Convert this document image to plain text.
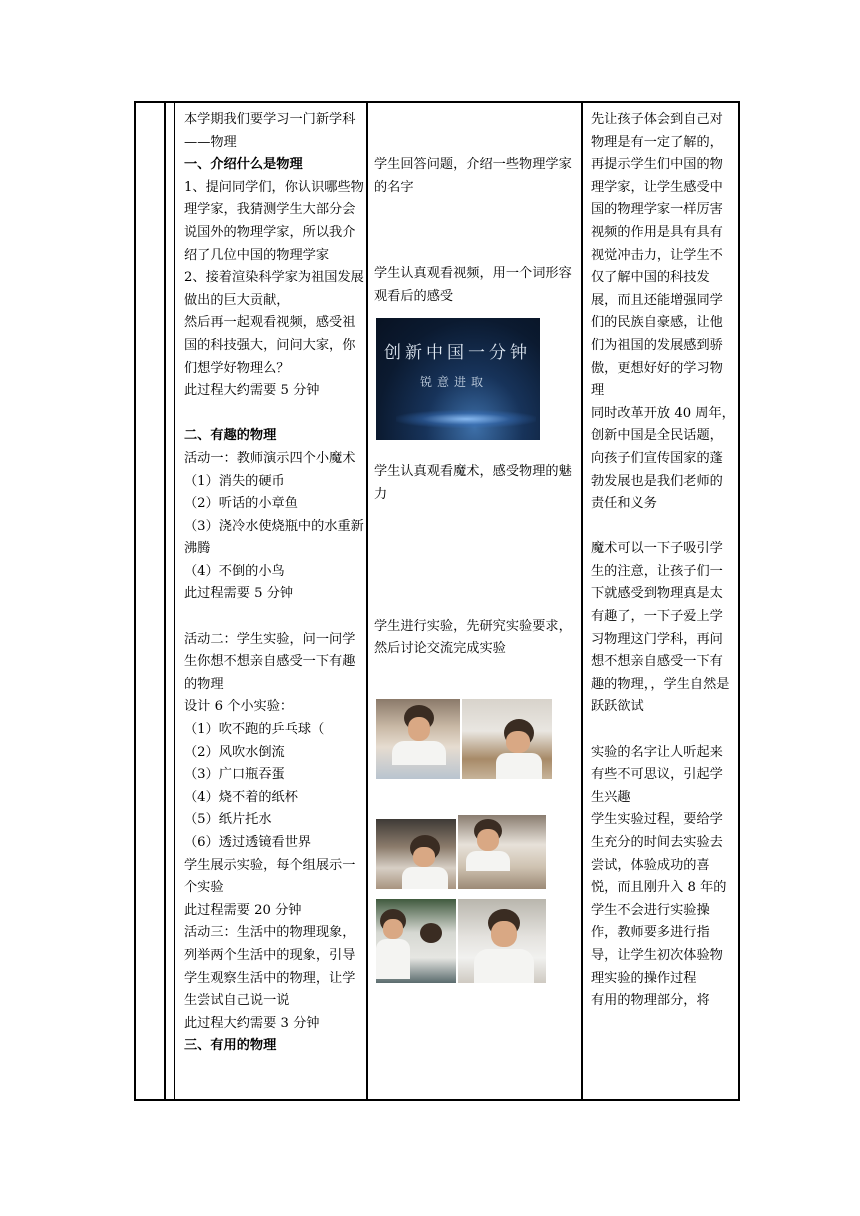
本学期我们要学习一门新学科——物理

一、介绍什么是物理

1、提问同学们，你认识哪些物理学家，我猜测学生大部分会说国外的物理学家，所以我介绍了几位中国的物理学家
2、接着渲染科学家为祖国发展做出的巨大贡献，
然后再一起观看视频，感受祖国的科技强大，问问大家，你们想学好物理么？
此过程大约需要 5 分钟

二、有趣的物理

活动一：教师演示四个小魔术（1）消失的硬币
（2）听话的小章鱼
（3）浇冷水使烧瓶中的水重新沸腾
（4）不倒的小鸟
此过程需要 5 分钟

活动二：学生实验，问一问学生你想不想亲自感受一下有趣的物理
设计 6 个小实验：
（1）吹不跑的乒乓球（
（2）风吹水倒流
（3）广口瓶吞蛋
（4）烧不着的纸杯
（5）纸片托水
（6）透过透镜看世界
学生展示实验，每个组展示一个实验
此过程需要 20 分钟
活动三：生活中的物理现象，列举两个生活中的现象，引导学生观察生活中的物理，让学生尝试自己说一说
此过程大约需要 3 分钟

三、有用的物理

学生回答问题，介绍一些物理学家的名字

学生认真观看视频，用一个词形容观看后的感受

学生认真观看魔术，感受物理的魅力

学生进行实验，先研究实验要求，然后讨论交流完成实验

创新中国一分钟
锐意进取

先让孩子体会到自己对物理是有一定了解的，再提示学生们中国的物理学家，让学生感受中国的物理学家一样厉害
视频的作用是具有具有视觉冲击力，让学生不仅了解中国的科技发展，而且还能增强同学们的民族自豪感，让他们为祖国的发展感到骄傲，更想好好的学习物理
同时改革开放 40 周年，创新中国是全民话题，向孩子们宣传国家的蓬勃发展也是我们老师的责任和义务

魔术可以一下子吸引学生的注意，让孩子们一下就感受到物理真是太有趣了，一下子爱上学习物理这门学科，再问想不想亲自感受一下有趣的物理，，学生自然是跃跃欲试

实验的名字让人听起来有些不可思议，引起学生兴趣
学生实验过程，要给学生充分的时间去实验去尝试，体验成功的喜悦，而且刚升入 8 年的学生不会进行实验操作，教师要多进行指导，让学生初次体验物理实验的操作过程
有用的物理部分，将
